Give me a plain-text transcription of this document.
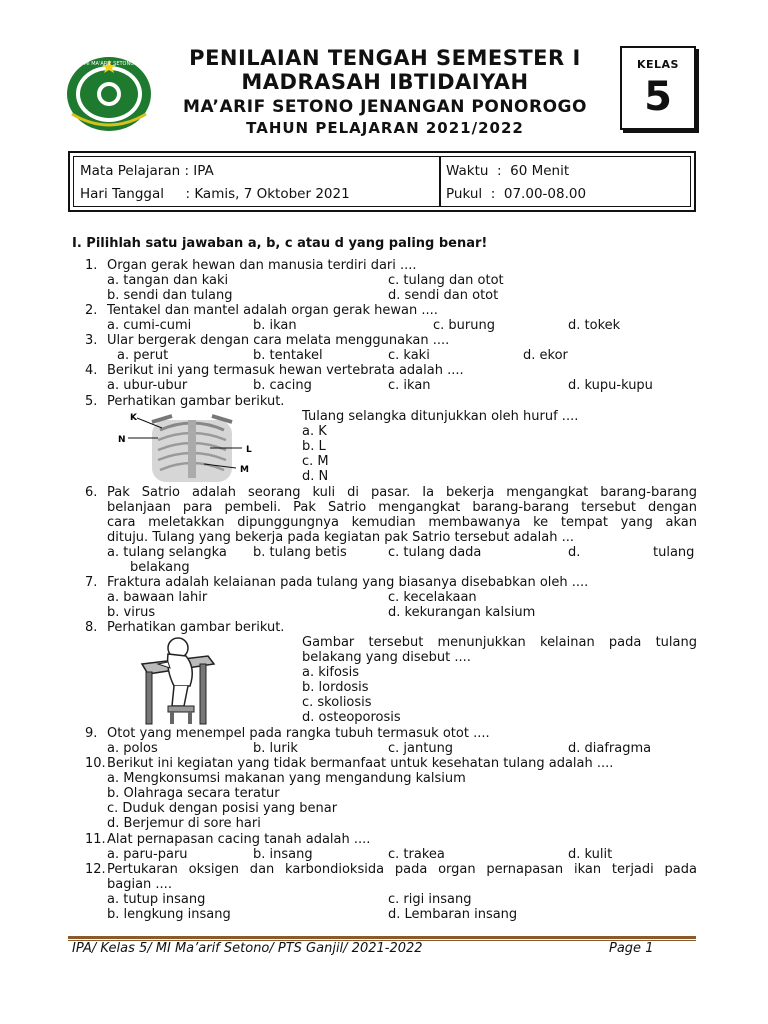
MI MA'ARIF SETONO	PENILAIAN TENGAH SEMESTER I
MADRASAH IBTIDAIYAH
MA’ARIF SETONO JENANGAN PONOROGO
TAHUN PELAJARAN 2021/2022
KELAS
5
Mata Pelajaran : IPA
Hari Tanggal     : Kamis, 7 Oktober 2021
Waktu  :  60 Menit
Pukul  :  07.00-08.00
I. Pilihlah satu jawaban a, b, c atau d yang paling benar!
1. Organ gerak hewan dan manusia terdiri dari ....
a. tangan dan kaki	c. tulang dan otot
b. sendi dan tulang	d. sendi dan otot
2. Tentakel dan mantel adalah organ gerak hewan ....
a. cumi-cumi	b. ikan	c. burung	d. tokek
3. Ular bergerak dengan cara melata menggunakan ....
a. perut	b. tentakel	c. kaki	d. ekor
4. Berikut ini yang termasuk hewan vertebrata adalah ....
a. ubur-ubur	b. cacing	c. ikan	d. kupu-kupu
5. Perhatikan gambar berikut.
K
N
L
M
Tulang selangka ditunjukkan oleh huruf ....
a. K
b. L
c. M
d. N
6. Pak Satrio adalah seorang kuli di pasar. Ia bekerja mengangkat barang-barang
belanjaan para pembeli. Pak Satrio mengangkat barang-barang tersebut dengan
cara meletakkan dipunggungnya kemudian membawanya ke tempat yang akan
dituju. Tulang yang bekerja pada kegiatan pak Satrio tersebut adalah ...
a. tulang selangka b. tulang betis	c. tulang dada	d.	tulang
belakang
7. Fraktura adalah kelaianan pada tulang yang biasanya disebabkan oleh ....
a. bawaan lahir	c. kecelakaan
b. virus	d. kekurangan kalsium
8. Perhatikan gambar berikut.
Gambar tersebut menunjukkan kelainan pada tulang
belakang yang disebut ....
a. kifosis
b. lordosis
c. skoliosis
d. osteoporosis
9. Otot yang menempel pada rangka tubuh termasuk otot ....
a. polos	b. lurik	c. jantung	d. diafragma
10. Berikut ini kegiatan yang tidak bermanfaat untuk kesehatan tulang adalah ....
a. Mengkonsumsi makanan yang mengandung kalsium
b. Olahraga secara teratur
c. Duduk dengan posisi yang benar
d. Berjemur di sore hari
11. Alat pernapasan cacing tanah adalah ....
a. paru-paru	b. insang	c. trakea	d. kulit
12. Pertukaran oksigen dan karbondioksida pada organ pernapasan ikan terjadi pada
bagian ....
a. tutup insang	c. rigi insang
b. lengkung insang	d. Lembaran insang
IPA/ Kelas 5/ MI Ma’arif Setono/ PTS Ganjil/ 2021-2022	Page 1
